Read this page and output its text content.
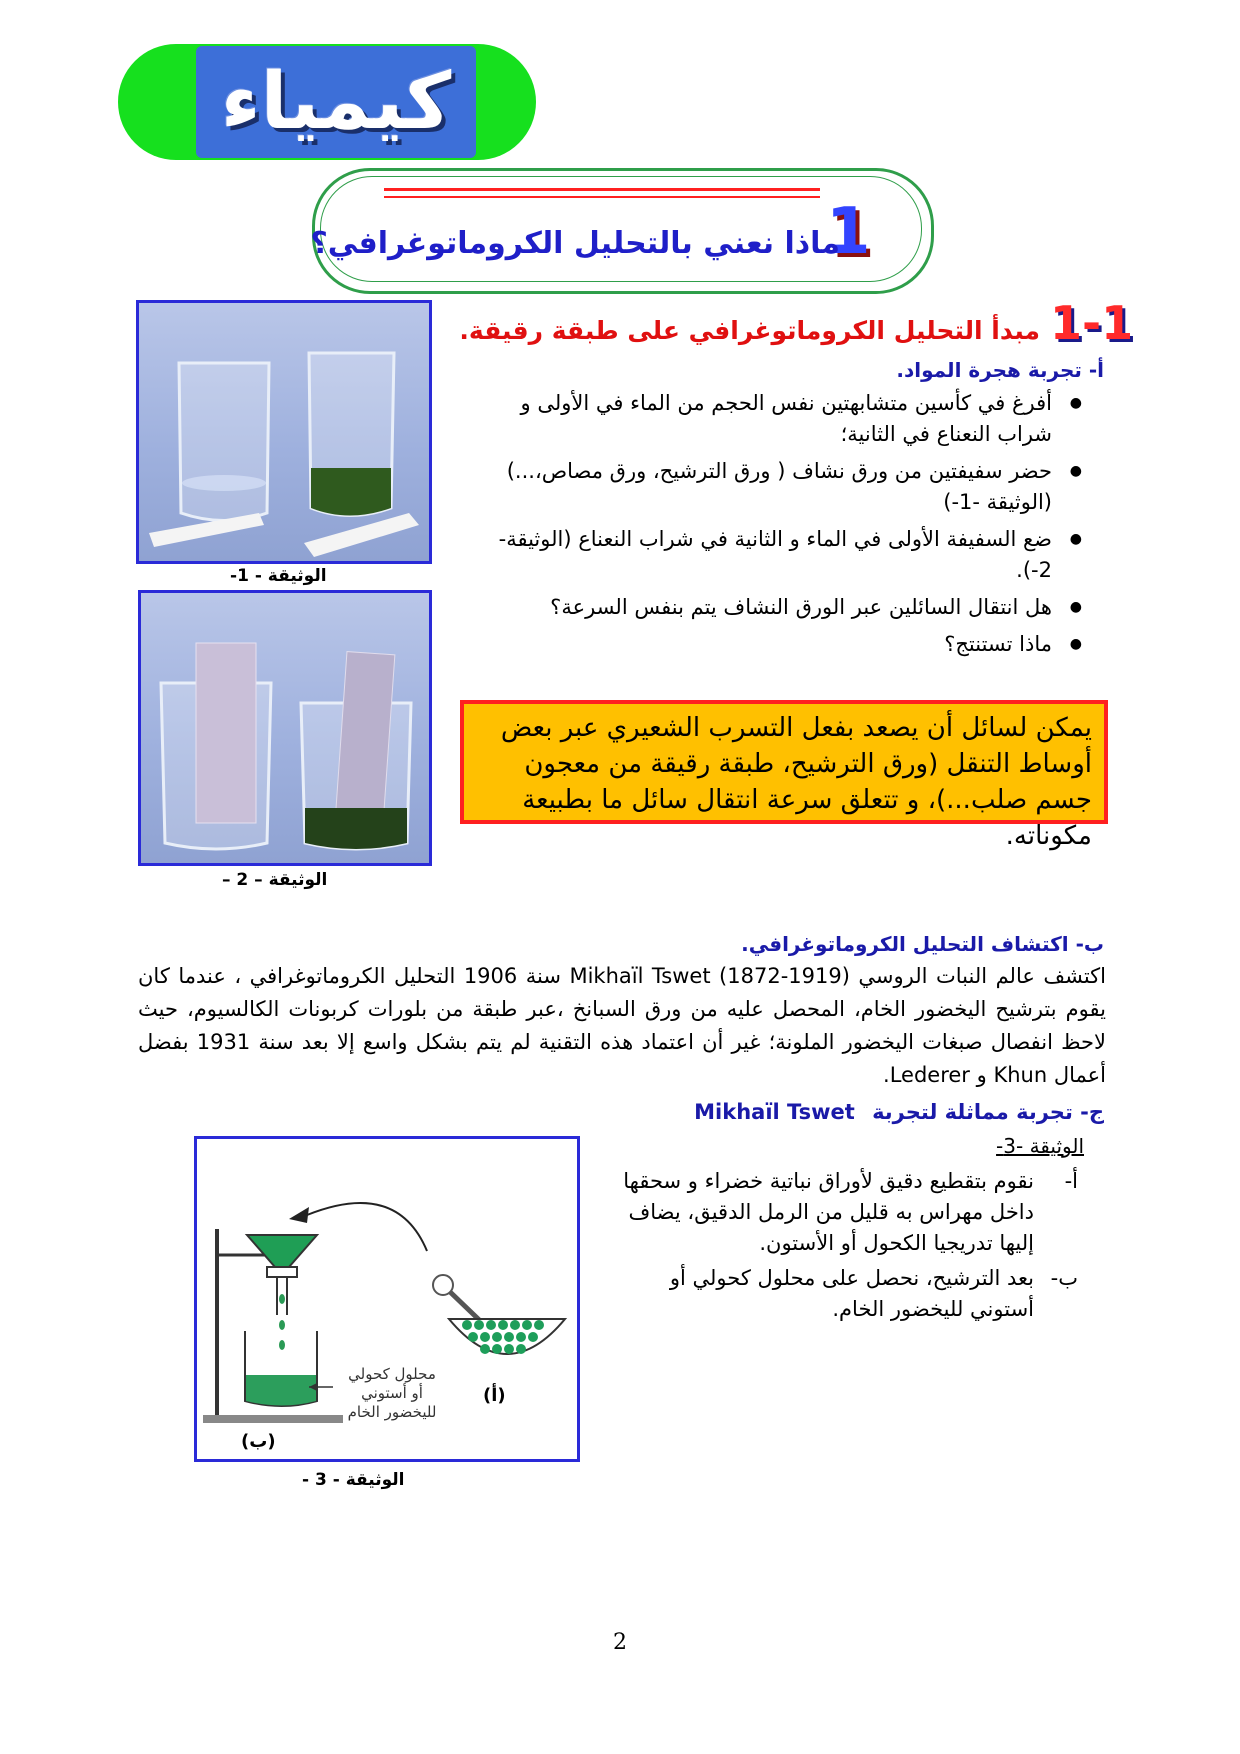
كيمياء
1
ماذا نعني بالتحليل الكروماتوغرافي؟
الوثيقة - 1-
الوثيقة – 2 –
1-1
مبدأ التحليل الكروماتوغرافي على طبقة رقيقة.
أ- تجربة هجرة المواد.
● أفرغ في كأسين متشابهتين نفس الحجم من الماء في الأولى و شراب النعناع في الثانية؛
● حضر سفيفتين من ورق نشاف ( ورق الترشيح، ورق مصاص،...) (الوثيقة -1-)
● ضع السفيفة الأولى في الماء و الثانية في شراب النعناع (الوثيقة- 2-).
● هل انتقال السائلين عبر الورق النشاف يتم بنفس السرعة؟
● ماذا تستنتج؟
يمكن لسائل أن يصعد بفعل التسرب الشعيري عبر بعض أوساط التنقل (ورق الترشيح، طبقة رقيقة من معجون جسم صلب...)، و تتعلق سرعة انتقال سائل ما بطبيعة مكوناته.
ب- اكتشاف التحليل الكروماتوغرافي.
اكتشف عالم النبات الروسي Mikhaïl Tswet (1872-1919) سنة 1906 التحليل الكروماتوغرافي ، عندما كان يقوم بترشيح اليخضور الخام، المحصل عليه من ورق السبانخ ،عبر طبقة من بلورات كربونات الكالسيوم، حيث لاحظ انفصال صبغات اليخضور الملونة؛ غير أن اعتماد هذه التقنية لم يتم بشكل واسع إلا بعد سنة 1931 بفضل أعمال Khun و Lederer.
ج- تجربة مماثلة لتجربة Mikhaïl Tswet
الوثيقة -3-
أ-
نقوم بتقطيع دقيق لأوراق نباتية خضراء و سحقها داخل مهراس به قليل من الرمل الدقيق، يضاف إليها تدريجيا الكحول أو الأستون.
ب-
بعد الترشيح، نحصل على محلول كحولي أو أستوني لليخضور الخام.
محلول كحولي
أو أستوني
لليخضور الخام
(أ)
(ب)
الوثيقة - 3 -
2
